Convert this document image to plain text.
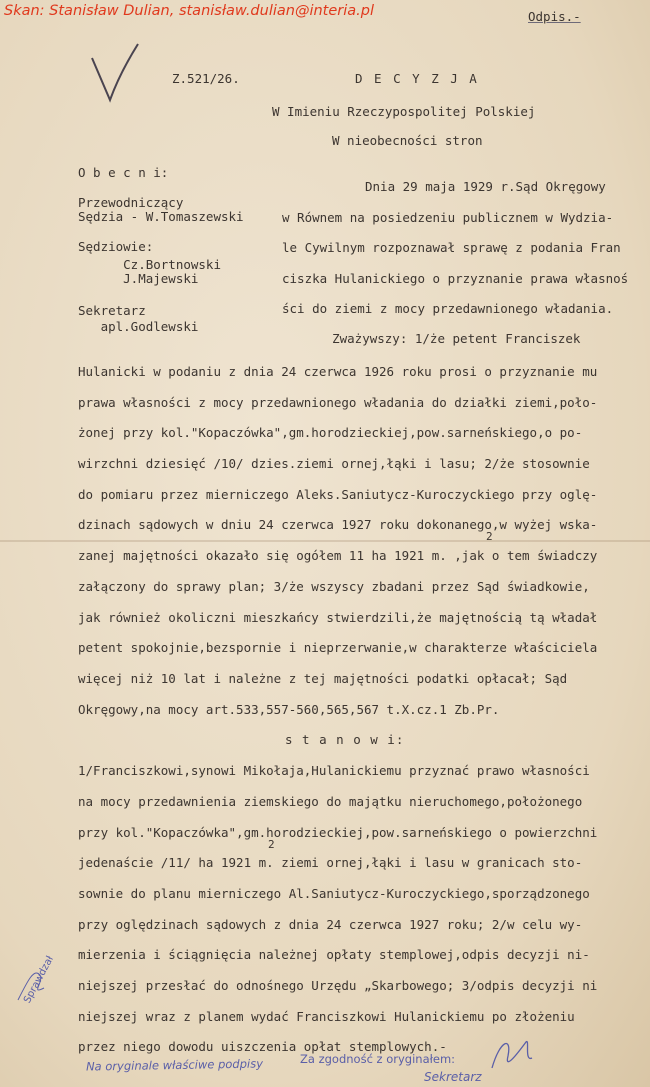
Skan: Stanisław Dulian, stanisław.dulian@interia.pl	Odpis.-
Z.521/26.	D E C Y Z J A
W Imieniu Rzeczypospolitej Polskiej
W nieobecności stron
O b e c n i:
Przewodniczący
Sędzia - W.Tomaszewski
Sędziowie:
Cz.Bortnowski
J.Majewski
Sekretarz
apl.Godlewski
Dnia 29 maja 1929 r.Sąd Okręgowy
w Równem na posiedzeniu publicznem w Wydzia-
le Cywilnym rozpoznawał sprawę z podania Fran
ciszka Hulanickiego o przyznanie prawa własnoś
ści do ziemi z mocy przedawnionego władania.
Zważywszy: 1/że petent Franciszek
Hulanicki w podaniu z dnia 24 czerwca 1926 roku prosi o przyznanie mu
prawa własności z mocy przedawnionego władania do działki ziemi,poło-
żonej przy kol."Kopaczówka",gm.horodzieckiej,pow.sarneńskiego,o po-
wirzchni dziesięć /10/ dzies.ziemi ornej,łąki i lasu; 2/że stosownie
do pomiaru przez mierniczego Aleks.Saniutycz-Kuroczyckiego przy oglę-
dzinach sądowych w dniu 24 czerwca 1927 roku dokonanego,w wyżej wska-
2
zanej majętności okazało się ogółem 11 ha 1921 m. ,jak o tem świadczy
załączony do sprawy plan; 3/że wszyscy zbadani przez Sąd świadkowie,
jak również okoliczni mieszkańcy stwierdzili,że majętnością tą władał
petent spokojnie,bezspornie i nieprzerwanie,w charakterze właściciela
więcej niż 10 lat i należne z tej majętności podatki opłacał; Sąd
Okręgowy,na mocy art.533,557-560,565,567 t.X.cz.1 Zb.Pr.
s t a n o w i:
1/Franciszkowi,synowi Mikołaja,Hulanickiemu przyznać prawo własności
na mocy przedawnienia ziemskiego do majątku nieruchomego,położonego
przy kol."Kopaczówka",gm.horodzieckiej,pow.sarneńskiego o powierzchni
2
jedenaście /11/ ha 1921 m. ziemi ornej,łąki i lasu w granicach sto-
sownie do planu mierniczego Al.Saniutycz-Kuroczyckiego,sporządzonego
przy oględzinach sądowych z dnia 24 czerwca 1927 roku; 2/w celu wy-
mierzenia i ściągnięcia należnej opłaty stemplowej,odpis decyzji ni-
niejszej przesłać do odnośnego Urzędu „Skarbowego; 3/odpis decyzji ni
niejszej wraz z planem wydać Franciszkowi Hulanickiemu po złożeniu
przez niego dowodu uiszczenia opłat stemplowych.-
Na oryginale właściwe podpisy	Za zgodność z oryginałem:
Sekretarz
Sprawdzał
